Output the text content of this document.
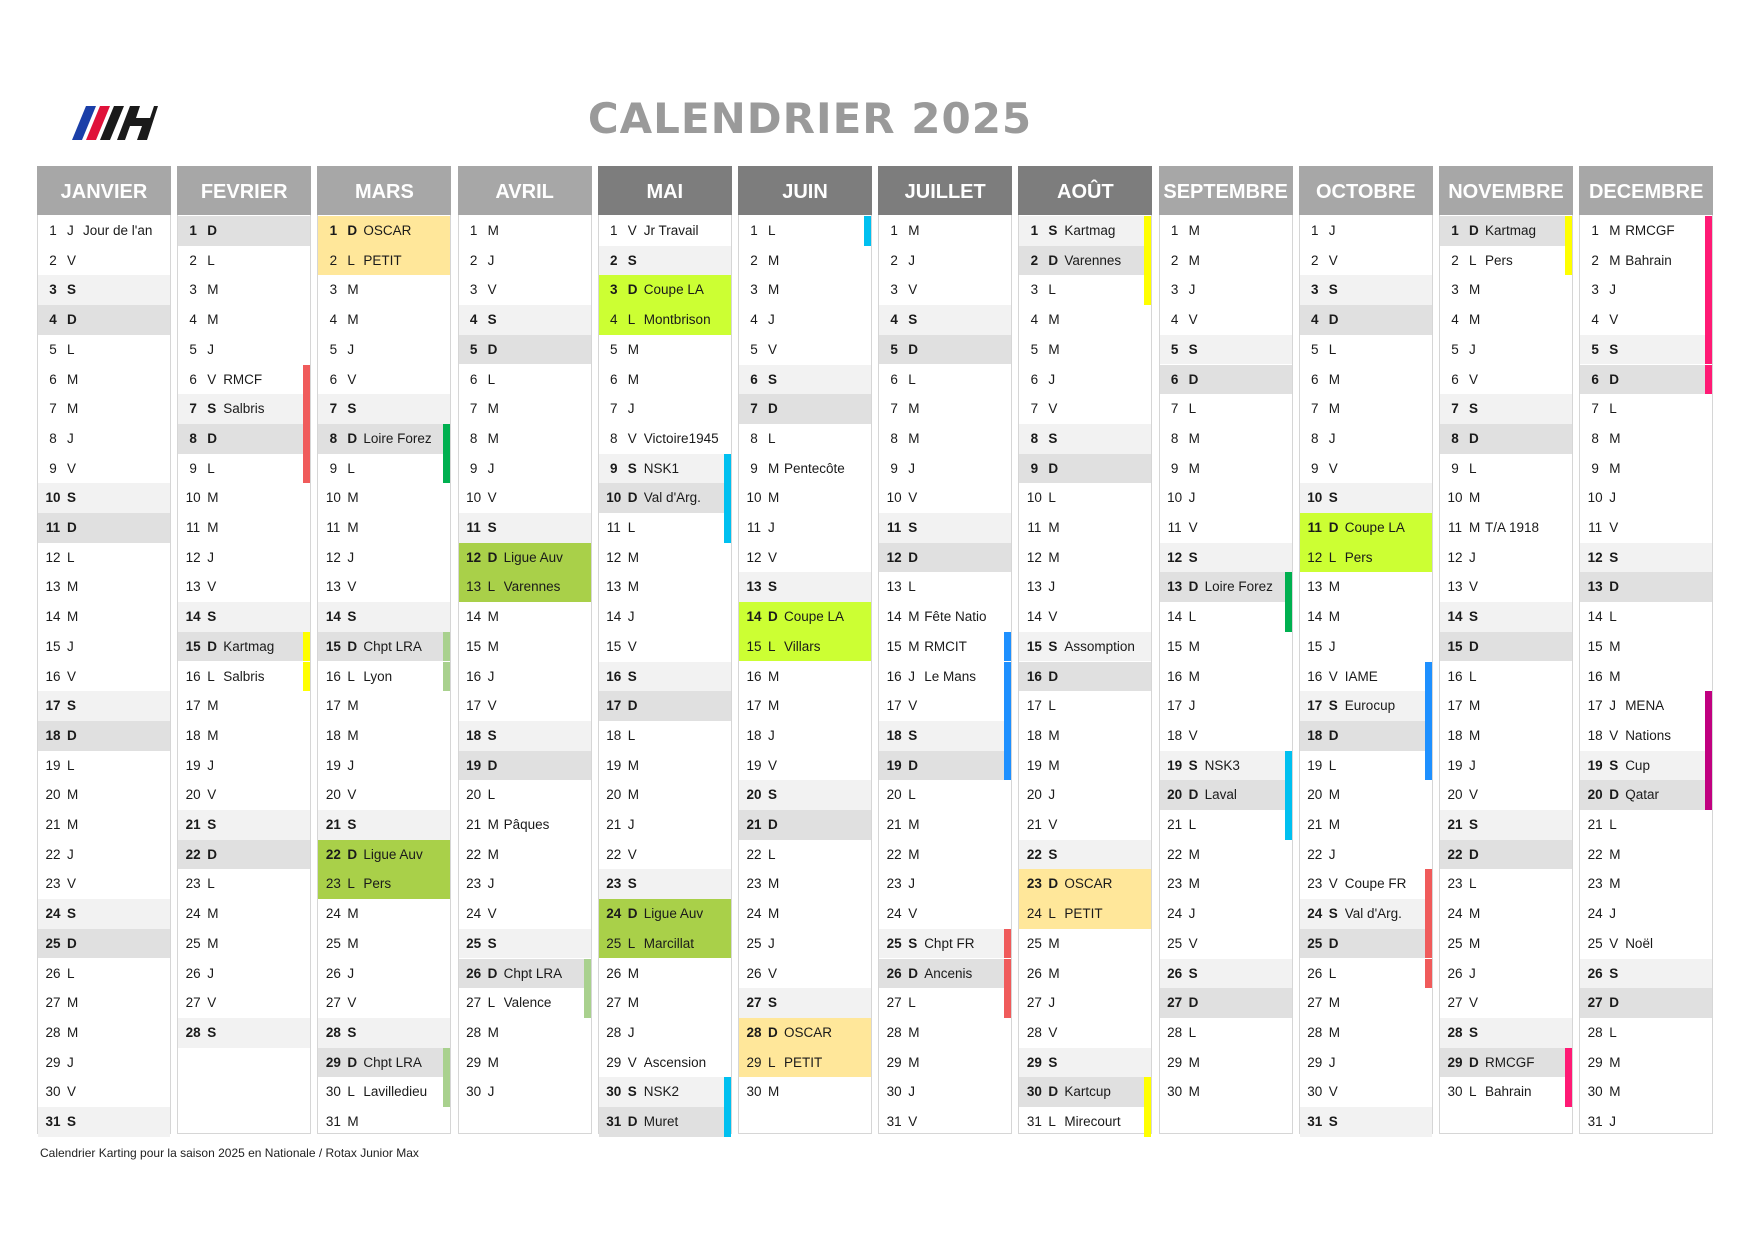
CALENDRIER 2025
JANVIER
1 J Jour de l'an
2 V
3 S
4 D
5 L
6 M
7 M
8 J
9 V
10 S
11 D
12 L
13 M
14 M
15 J
16 V
17 S
18 D
19 L
20 M
21 M
22 J
23 V
24 S
25 D
26 L
27 M
28 M
29 J
30 V
31 S
FEVRIER
1 D
2 L
3 M
4 M
5 J
6 V RMCF
7 S Salbris
8 D
9 L
10 M
11 M
12 J
13 V
14 S
15 D Kartmag
16 L Salbris
17 M
18 M
19 J
20 V
21 S
22 D
23 L
24 M
25 M
26 J
27 V
28 S
MARS
1 D OSCAR
2 L PETIT
3 M
4 M
5 J
6 V
7 S
8 D Loire Forez
9 L
10 M
11 M
12 J
13 V
14 S
15 D Chpt LRA
16 L Lyon
17 M
18 M
19 J
20 V
21 S
22 D Ligue Auv
23 L Pers
24 M
25 M
26 J
27 V
28 S
29 D Chpt LRA
30 L Lavilledieu
31 M
AVRIL
1 M
2 J
3 V
4 S
5 D
6 L
7 M
8 M
9 J
10 V
11 S
12 D Ligue Auv
13 L Varennes
14 M
15 M
16 J
17 V
18 S
19 D
20 L
21 M Pâques
22 M
23 J
24 V
25 S
26 D Chpt LRA
27 L Valence
28 M
29 M
30 J
MAI
1 V Jr Travail
2 S
3 D Coupe LA
4 L Montbrison
5 M
6 M
7 J
8 V Victoire1945
9 S NSK1
10 D Val d'Arg.
11 L
12 M
13 M
14 J
15 V
16 S
17 D
18 L
19 M
20 M
21 J
22 V
23 S
24 D Ligue Auv
25 L Marcillat
26 M
27 M
28 J
29 V Ascension
30 S NSK2
31 D Muret
JUIN
1 L
2 M
3 M
4 J
5 V
6 S
7 D
8 L
9 M Pentecôte
10 M
11 J
12 V
13 S
14 D Coupe LA
15 L Villars
16 M
17 M
18 J
19 V
20 S
21 D
22 L
23 M
24 M
25 J
26 V
27 S
28 D OSCAR
29 L PETIT
30 M
JUILLET
1 M
2 J
3 V
4 S
5 D
6 L
7 M
8 M
9 J
10 V
11 S
12 D
13 L
14 M Fête Natio
15 M RMCIT
16 J Le Mans
17 V
18 S
19 D
20 L
21 M
22 M
23 J
24 V
25 S Chpt FR
26 D Ancenis
27 L
28 M
29 M
30 J
31 V
AOÛT
1 S Kartmag
2 D Varennes
3 L
4 M
5 M
6 J
7 V
8 S
9 D
10 L
11 M
12 M
13 J
14 V
15 S Assomption
16 D
17 L
18 M
19 M
20 J
21 V
22 S
23 D OSCAR
24 L PETIT
25 M
26 M
27 J
28 V
29 S
30 D Kartcup
31 L Mirecourt
SEPTEMBRE
1 M
2 M
3 J
4 V
5 S
6 D
7 L
8 M
9 M
10 J
11 V
12 S
13 D Loire Forez
14 L
15 M
16 M
17 J
18 V
19 S NSK3
20 D Laval
21 L
22 M
23 M
24 J
25 V
26 S
27 D
28 L
29 M
30 M
OCTOBRE
1 J
2 V
3 S
4 D
5 L
6 M
7 M
8 J
9 V
10 S
11 D Coupe LA
12 L Pers
13 M
14 M
15 J
16 V IAME
17 S Eurocup
18 D
19 L
20 M
21 M
22 J
23 V Coupe FR
24 S Val d'Arg.
25 D
26 L
27 M
28 M
29 J
30 V
31 S
NOVEMBRE
1 D Kartmag
2 L Pers
3 M
4 M
5 J
6 V
7 S
8 D
9 L
10 M
11 M T/A 1918
12 J
13 V
14 S
15 D
16 L
17 M
18 M
19 J
20 V
21 S
22 D
23 L
24 M
25 M
26 J
27 V
28 S
29 D RMCGF
30 L Bahrain
DECEMBRE
1 M RMCGF
2 M Bahrain
3 J
4 V
5 S
6 D
7 L
8 M
9 M
10 J
11 V
12 S
13 D
14 L
15 M
16 M
17 J MENA
18 V Nations
19 S Cup
20 D Qatar
21 L
22 M
23 M
24 J
25 V Noël
26 S
27 D
28 L
29 M
30 M
31 J
Calendrier Karting pour la saison 2025 en Nationale / Rotax Junior Max
